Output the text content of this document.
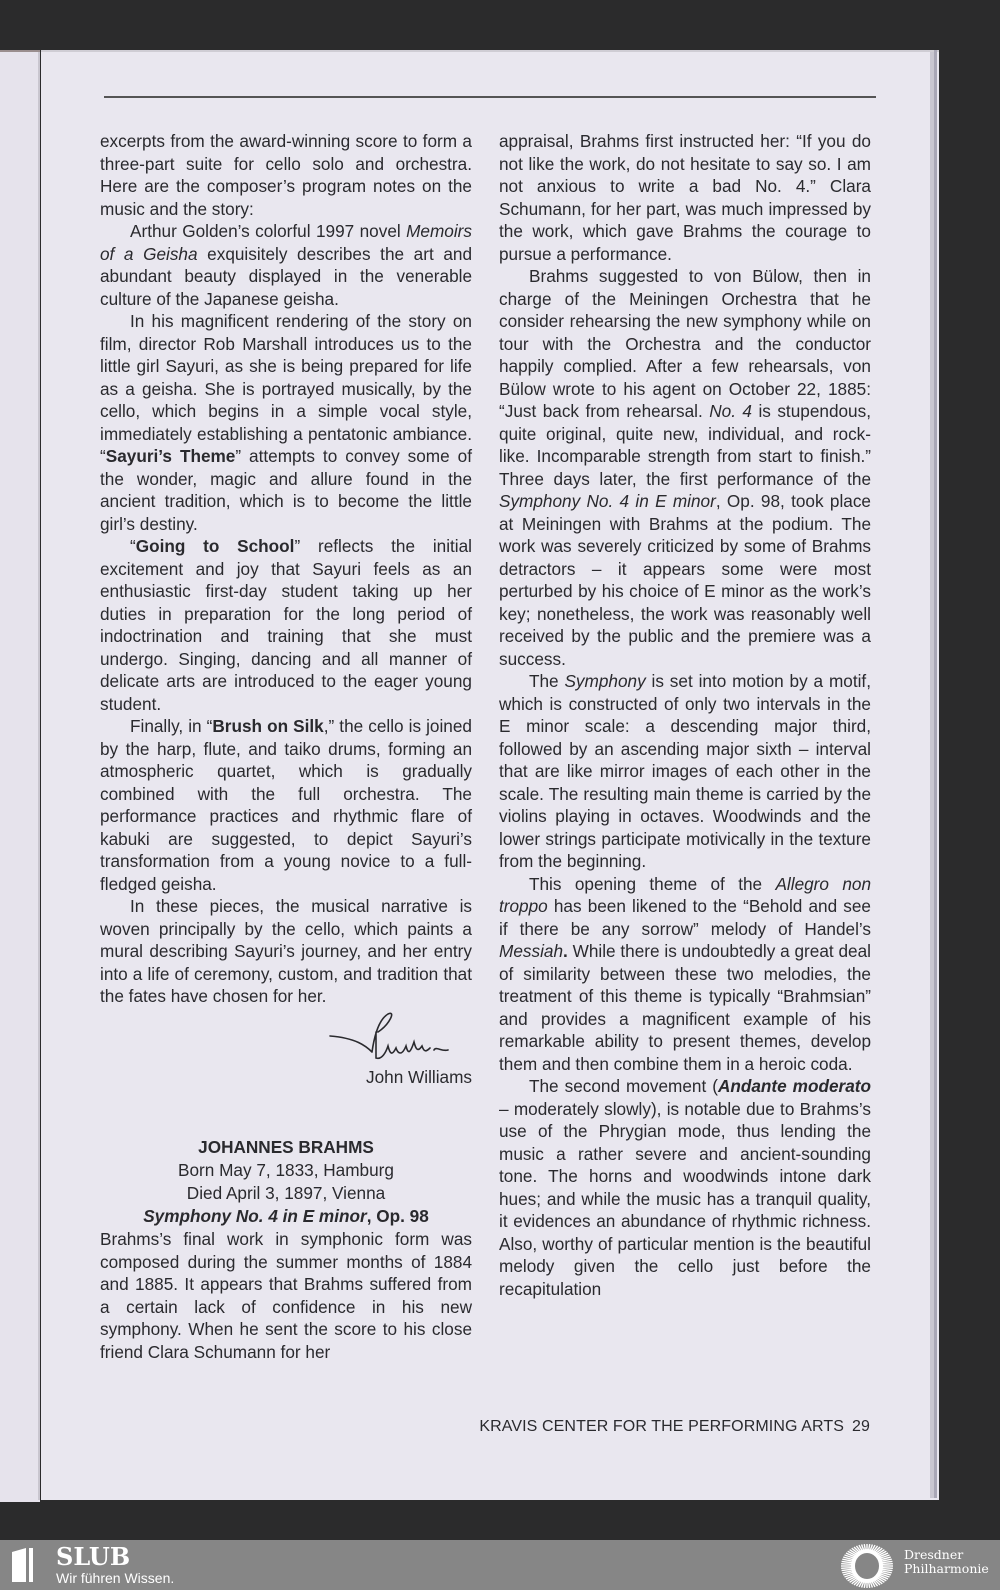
excerpts from the award-winning score to form a three-part suite for cello solo and orchestra. Here are the composer’s program notes on the music and the story:

Arthur Golden’s colorful 1997 novel Memoirs of a Geisha exquisitely describes the art and abundant beauty displayed in the venerable culture of the Japanese geisha.

In his magnificent rendering of the story on film, director Rob Marshall introduces us to the little girl Sayuri, as she is being prepared for life as a geisha. She is portrayed musically, by the cello, which begins in a simple vocal style, immediately establishing a pentatonic ambiance. “Sayuri’s Theme” attempts to convey some of the wonder, magic and allure found in the ancient tradition, which is to become the little girl’s destiny.

“Going to School” reflects the initial excitement and joy that Sayuri feels as an enthusiastic first-day student taking up her duties in preparation for the long period of indoctrination and training that she must undergo. Singing, dancing and all manner of delicate arts are introduced to the eager young student.

Finally, in “Brush on Silk,” the cello is joined by the harp, flute, and taiko drums, forming an atmospheric quartet, which is gradually combined with the full orchestra. The performance practices and rhythmic flare of kabuki are suggested, to depict Sayuri’s transformation from a young novice to a full-fledged geisha.

In these pieces, the musical narrative is woven principally by the cello, which paints a mural describing Sayuri’s journey, and her entry into a life of ceremony, custom, and tradition that the fates have chosen for her.

John Williams

JOHANNES BRAHMS
Born May 7, 1833, Hamburg
Died April 3, 1897, Vienna
Symphony No. 4 in E minor, Op. 98

Brahms’s final work in symphonic form was composed during the summer months of 1884 and 1885. It appears that Brahms suffered from a certain lack of confidence in his new symphony. When he sent the score to his close friend Clara Schumann for her

appraisal, Brahms first instructed her: “If you do not like the work, do not hesitate to say so. I am not anxious to write a bad No. 4.” Clara Schumann, for her part, was much impressed by the work, which gave Brahms the courage to pursue a performance.

Brahms suggested to von Bülow, then in charge of the Meiningen Orchestra that he consider rehearsing the new symphony while on tour with the Orchestra and the conductor happily complied. After a few rehearsals, von Bülow wrote to his agent on October 22, 1885: “Just back from rehearsal. No. 4 is stupendous, quite original, quite new, individual, and rock-like. Incomparable strength from start to finish.” Three days later, the first performance of the Symphony No. 4 in E minor, Op. 98, took place at Meiningen with Brahms at the podium. The work was severely criticized by some of Brahms detractors – it appears some were most perturbed by his choice of E minor as the work’s key; nonetheless, the work was reasonably well received by the public and the premiere was a success.

The Symphony is set into motion by a motif, which is constructed of only two intervals in the E minor scale: a descending major third, followed by an ascending major sixth – interval that are like mirror images of each other in the scale. The resulting main theme is carried by the violins playing in octaves. Woodwinds and the lower strings participate motivically in the texture from the beginning.

This opening theme of the Allegro non troppo has been likened to the “Behold and see if there be any sorrow” melody of Handel’s Messiah. While there is undoubtedly a great deal of similarity between these two melodies, the treatment of this theme is typically “Brahmsian” and provides a magnificent example of his remarkable ability to present themes, develop them and then combine them in a heroic coda.

The second movement (Andante moderato – moderately slowly), is notable due to Brahms’s use of the Phrygian mode, thus lending the music a rather severe and ancient-sounding tone. The horns and woodwinds intone dark hues; and while the music has a tranquil quality, it evidences an abundance of rhythmic richness. Also, worthy of particular mention is the beautiful melody given the cello just before the recapitulation

KRAVIS CENTER FOR THE PERFORMING ARTS 29
SLUB
Wir führen Wissen.
Dresdner
Philharmonie
